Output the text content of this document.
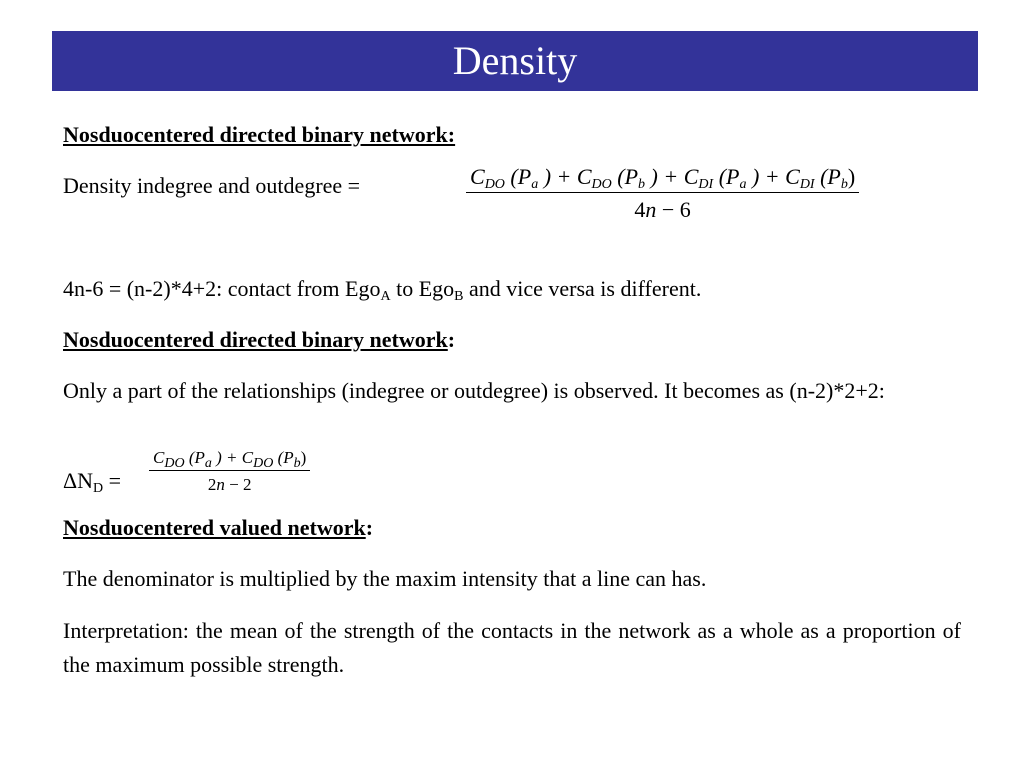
Density
Nosduocentered directed binary network:
Density indegree and outdegree =	$C_{DO}$ ($P_a$ ) + $C_{DO}$ ($P_b$ ) + $C_{DI}$ ($P_a$ ) + $C_{DI}$ $(P_b)$
4n − 6
4n-6 = (n-2)*4+2: contact from Ego$_A$ to Ego$_B$ and vice versa is different.
Nosduocentered directed binary network:
Only a part of the relationships (indegree or outdegree) is observed. It becomes as (n-2)*2+2:
$\Delta N_D$ =
$C_{DO}$ ($P_a$ ) + $C_{DO}$ $(P_b)$
2n − 2
Nosduocentered valued network:
The denominator is multiplied by the maxim intensity that a line can has.
Interpretation: the mean of the strength of the contacts in the network as a whole as a proportion of the maximum possible strength.
